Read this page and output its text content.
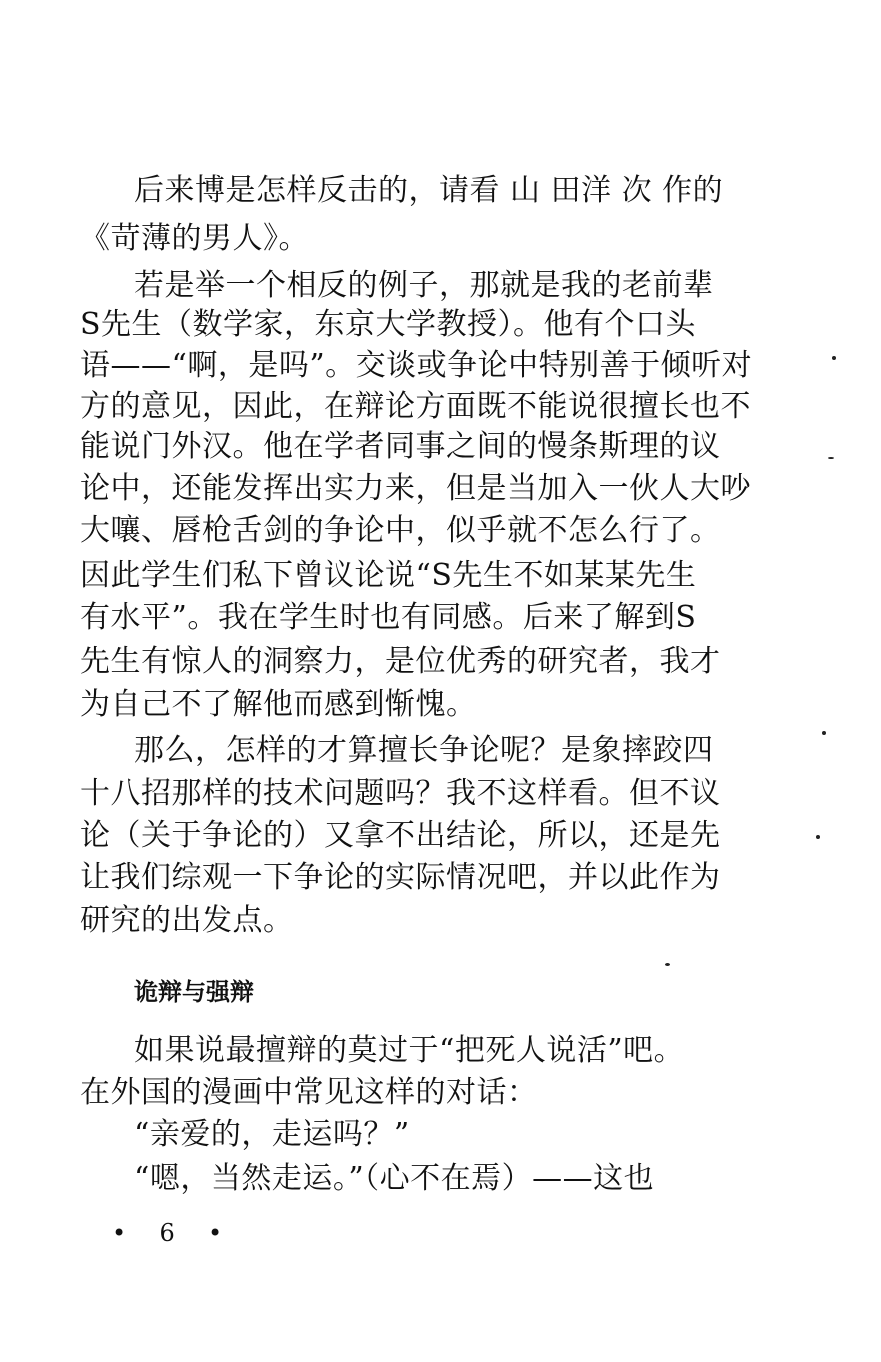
后来博是怎样反击的，请看 山 田洋 次 作的
《苛薄的男人》。
若是举一个相反的例子，那就是我的老前辈
S先生（数学家，东京大学教授）。他有个口头
语——“啊，是吗”。交谈或争论中特别善于倾听对
方的意见，因此，在辩论方面既不能说很擅长也不
能说门外汉。他在学者同事之间的慢条斯理的议
论中，还能发挥出实力来，但是当加入一伙人大吵
大嚷、唇枪舌剑的争论中，似乎就不怎么行了。
因此学生们私下曾议论说“S先生不如某某先生
有水平”。我在学生时也有同感。后来了解到S
先生有惊人的洞察力，是位优秀的研究者，我才
为自己不了解他而感到惭愧。
那么，怎样的才算擅长争论呢？是象摔跤四
十八招那样的技术问题吗？我不这样看。但不议
论（关于争论的）又拿不出结论，所以，还是先
让我们综观一下争论的实际情况吧，并以此作为
研究的出发点。
诡辩与强辩
如果说最擅辩的莫过于“把死人说活”吧。
在外国的漫画中常见这样的对话：
“亲爱的，走运吗？”
“嗯，当然走运。”（心不在焉）——这也
• 6 •
